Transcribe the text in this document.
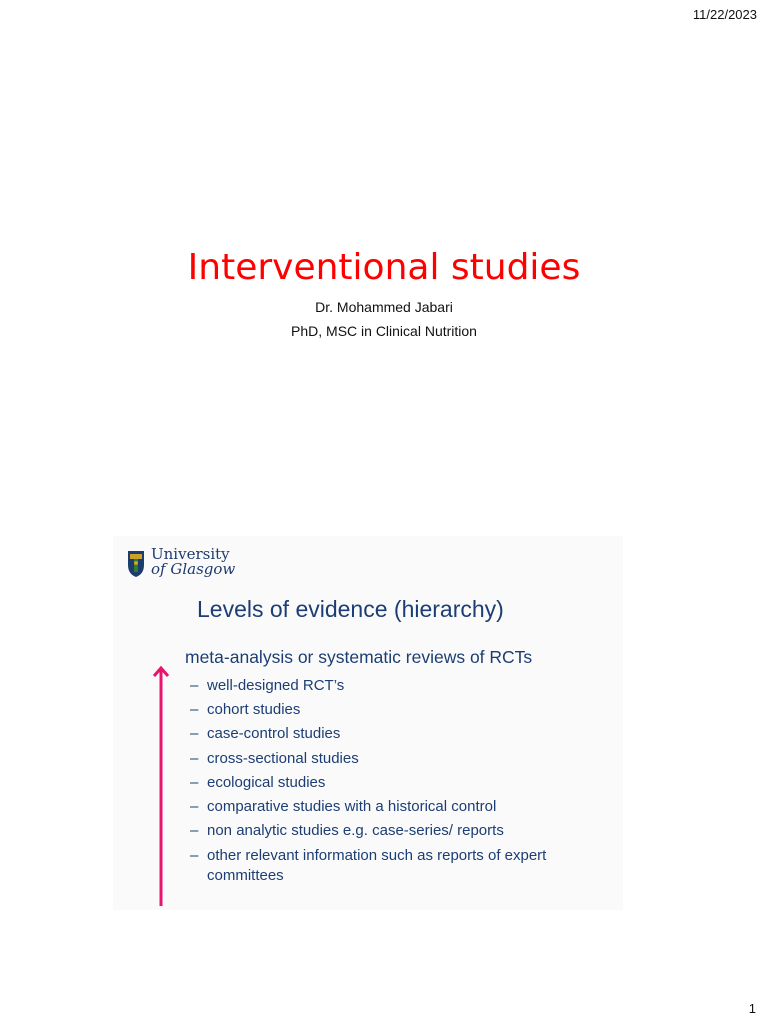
11/22/2023
Interventional studies
Dr. Mohammed Jabari
PhD, MSC in Clinical Nutrition
University
of Glasgow
Levels of evidence (hierarchy)
meta-analysis or systematic reviews of RCTs
– well-designed RCT’s
– cohort studies
– case-control studies
– cross-sectional studies
– ecological studies
– comparative studies with a historical control
– non analytic studies e.g. case-series/ reports
– other relevant information such as reports of expert committees
1
